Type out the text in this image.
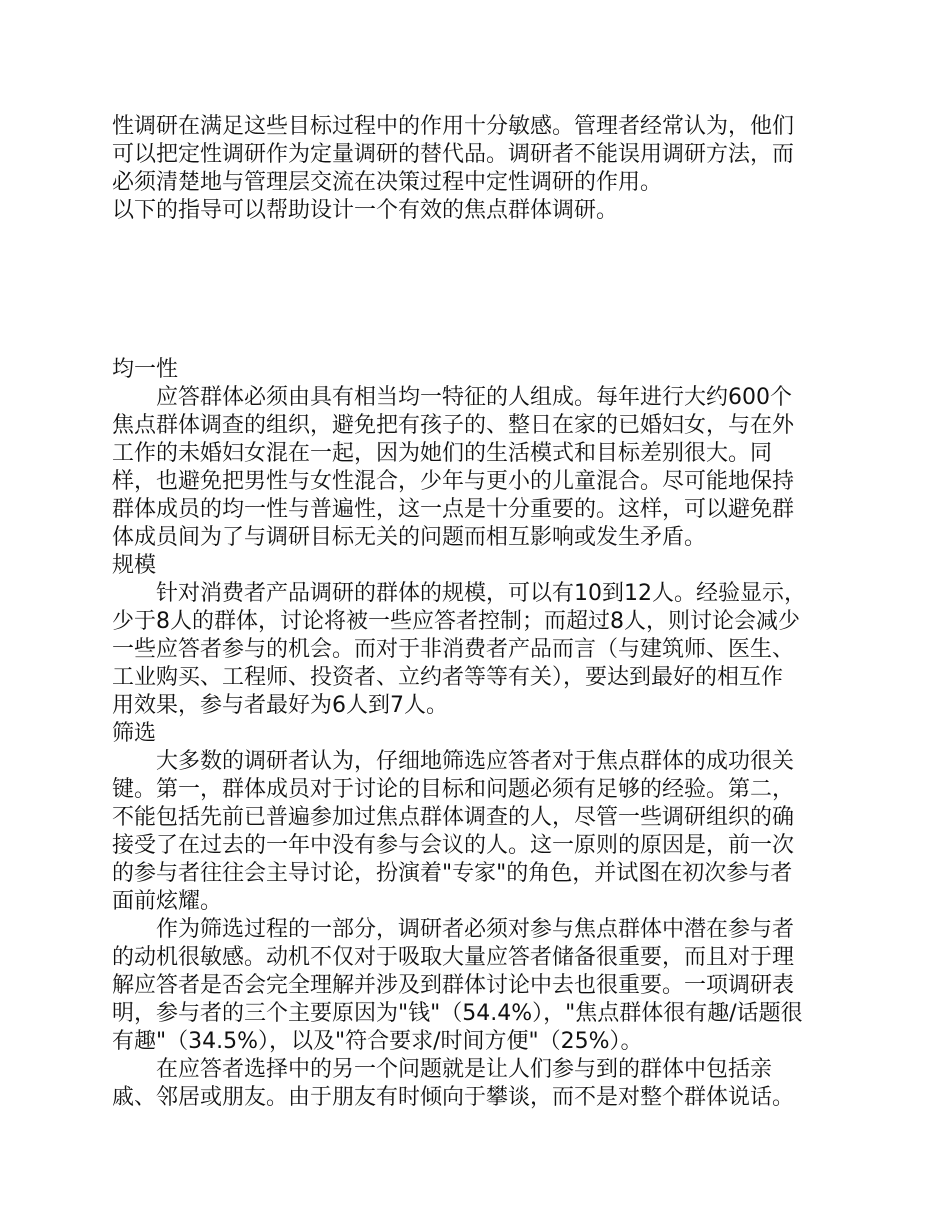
性调研在满足这些目标过程中的作用十分敏感。管理者经常认为，他们
可以把定性调研作为定量调研的替代品。调研者不能误用调研方法，而
必须清楚地与管理层交流在决策过程中定性调研的作用。
以下的指导可以帮助设计一个有效的焦点群体调研。
均一性
应答群体必须由具有相当均一特征的人组成。每年进行大约600个
焦点群体调查的组织，避免把有孩子的、整日在家的已婚妇女，与在外
工作的未婚妇女混在一起，因为她们的生活模式和目标差别很大。同
样，也避免把男性与女性混合，少年与更小的儿童混合。尽可能地保持
群体成员的均一性与普遍性，这一点是十分重要的。这样，可以避免群
体成员间为了与调研目标无关的问题而相互影响或发生矛盾。
规模
针对消费者产品调研的群体的规模，可以有10到12人。经验显示，
少于8人的群体，讨论将被一些应答者控制；而超过8人，则讨论会减少
一些应答者参与的机会。而对于非消费者产品而言（与建筑师、医生、
工业购买、工程师、投资者、立约者等等有关），要达到最好的相互作
用效果，参与者最好为6人到7人。
筛选
大多数的调研者认为，仔细地筛选应答者对于焦点群体的成功很关
键。第一，群体成员对于讨论的目标和问题必须有足够的经验。第二，
不能包括先前已普遍参加过焦点群体调查的人，尽管一些调研组织的确
接受了在过去的一年中没有参与会议的人。这一原则的原因是，前一次
的参与者往往会主导讨论，扮演着"专家"的角色，并试图在初次参与者
面前炫耀。
作为筛选过程的一部分，调研者必须对参与焦点群体中潜在参与者
的动机很敏感。动机不仅对于吸取大量应答者储备很重要，而且对于理
解应答者是否会完全理解并涉及到群体讨论中去也很重要。一项调研表
明，参与者的三个主要原因为"钱"（54.4%），"焦点群体很有趣/话题很
有趣"（34.5%），以及"符合要求/时间方便"（25%）。
在应答者选择中的另一个问题就是让人们参与到的群体中包括亲
戚、邻居或朋友。由于朋友有时倾向于攀谈，而不是对整个群体说话。
